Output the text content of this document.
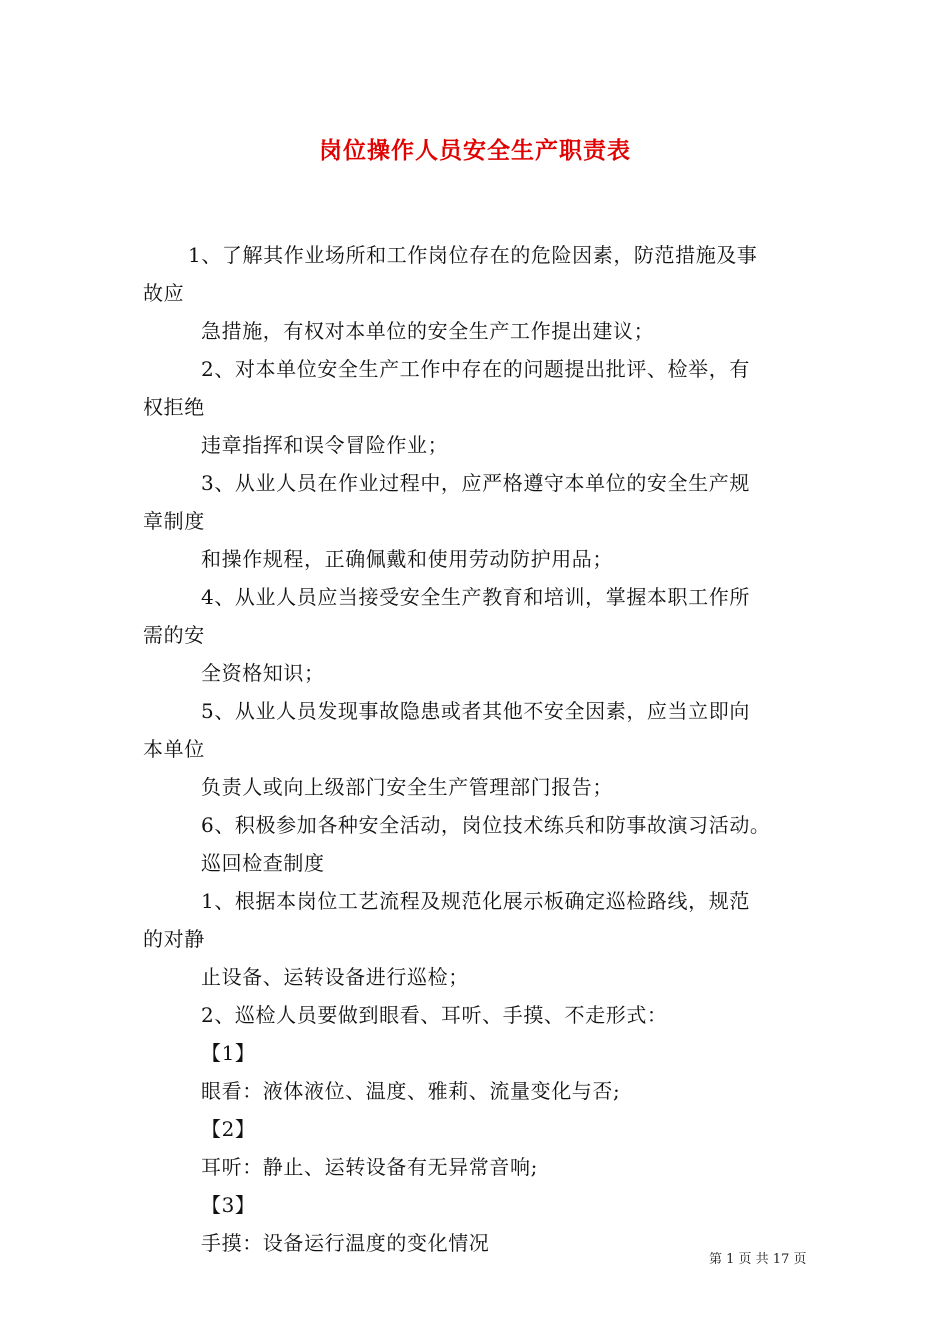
岗位操作人员安全生产职责表
1、了解其作业场所和工作岗位存在的危险因素，防范措施及事
故应
急措施，有权对本单位的安全生产工作提出建议；
2、对本单位安全生产工作中存在的问题提出批评、检举，有
权拒绝
违章指挥和误令冒险作业；
3、从业人员在作业过程中，应严格遵守本单位的安全生产规
章制度
和操作规程，正确佩戴和使用劳动防护用品；
4、从业人员应当接受安全生产教育和培训，掌握本职工作所
需的安
全资格知识；
5、从业人员发现事故隐患或者其他不安全因素，应当立即向
本单位
负责人或向上级部门安全生产管理部门报告；
6、积极参加各种安全活动，岗位技术练兵和防事故演习活动。
巡回检查制度
1、根据本岗位工艺流程及规范化展示板确定巡检路线，规范
的对静
止设备、运转设备进行巡检；
2、巡检人员要做到眼看、耳听、手摸、不走形式：
【1】
眼看：液体液位、温度、雅莉、流量变化与否;
【2】
耳听：静止、运转设备有无异常音响;
【3】
手摸：设备运行温度的变化情况
第 1 页 共 17 页
